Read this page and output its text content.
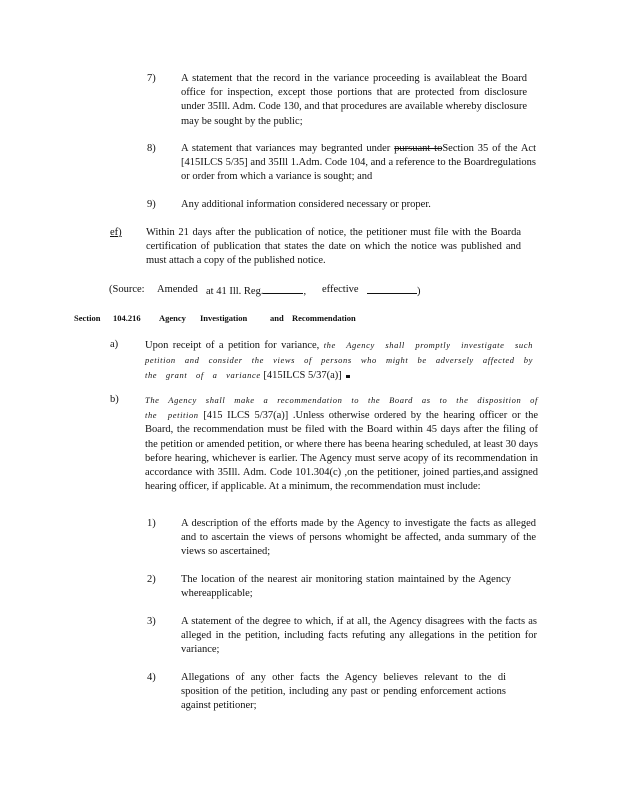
7) A statement that the record in the variance proceeding is availableat the Board office for inspection, except those portions that are protected from disclosure under 35Ill. Adm. Code 130, and that procedures are available whereby disclosure may be sought by the public;
8) A statement that variances may begranted under pursuant toSection 35 of the Act [415ILCS 5/35] and 35Ill 1.Adm. Code 104, and a reference to the Boardregulations or order from which a variance is sought; and
9) Any additional information considered necessary or proper.
ef) Within 21 days after the publication of notice, the petitioner must file with the Boarda certification of publication that states the date on which the notice was published and must attach a copy of the published notice.
(Source: Amended at 41 Ill. Reg.	, effective	)
Section 104.216 Agency Investigation	and Recommendation
a)	Upon receipt of a petition for variance, the Agency shall promptly investigate such petition and consider the views of persons who might be adversely affected by the grant of a variance [415ILCS 5/37(a)]
b)	The Agency shall make a recommendation to the Board as to the disposition of the petition [415 ILCS 5/37(a)] .Unless otherwise ordered by the hearing officer or the Board, the recommendation must be filed with the Board within 45 days after the filing of the petition or amended petition, or where there has beena hearing scheduled, at least 30 days before hearing, whichever is earlier. The Agency must serve acopy of its recommendation in accordance with 35Ill. Adm. Code 101.304(c) ,on the petitioner, joined parties,and assigned hearing officer, if applicable. At a minimum, the recommendation must include:
1) A description of the efforts made by the Agency to investigate the facts as alleged and to ascertain the views of persons whomight be affected, anda summary of the views so ascertained;
2) The location of the nearest air monitoring station maintained by the Agency whereapplicable;
3) A statement of the degree to which, if at all, the Agency disagrees with the facts as alleged in the petition, including facts refuting any allegations in the petition for variance;
4) Allegations of any other facts the Agency believes relevant to the di sposition of the petition, including any past or pending enforcement actions against petitioner;
